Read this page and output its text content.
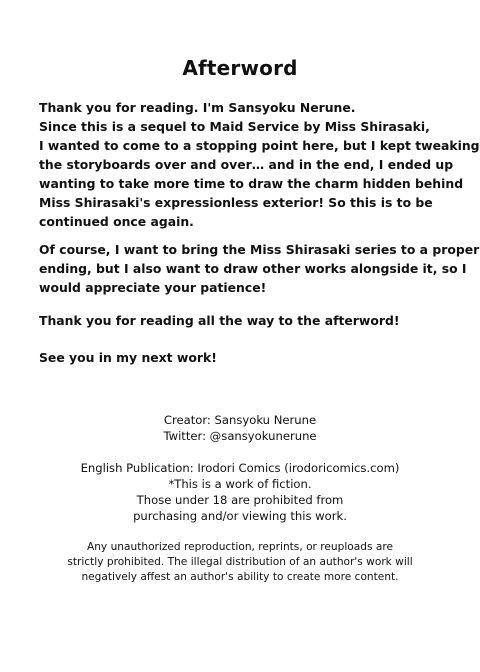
Afterword
Thank you for reading. I'm Sansyoku Nerune.
Since this is a sequel to Maid Service by Miss Shirasaki,
I wanted to come to a stopping point here, but I kept tweaking
the storyboards over and over… and in the end, I ended up
wanting to take more time to draw the charm hidden behind
Miss Shirasaki's expressionless exterior! So this is to be
continued once again.
Of course, I want to bring the Miss Shirasaki series to a proper
ending, but I also want to draw other works alongside it, so I
would appreciate your patience!
Thank you for reading all the way to the afterword!
See you in my next work!
Creator: Sansyoku Nerune
Twitter: @sansyokunerune
English Publication: Irodori Comics (irodoricomics.com)
*This is a work of fiction.
Those under 18 are prohibited from
purchasing and/or viewing this work.
Any unauthorized reproduction, reprints, or reuploads are
strictly prohibited. The illegal distribution of an author's work will
negatively affest an author's ability to create more content.
